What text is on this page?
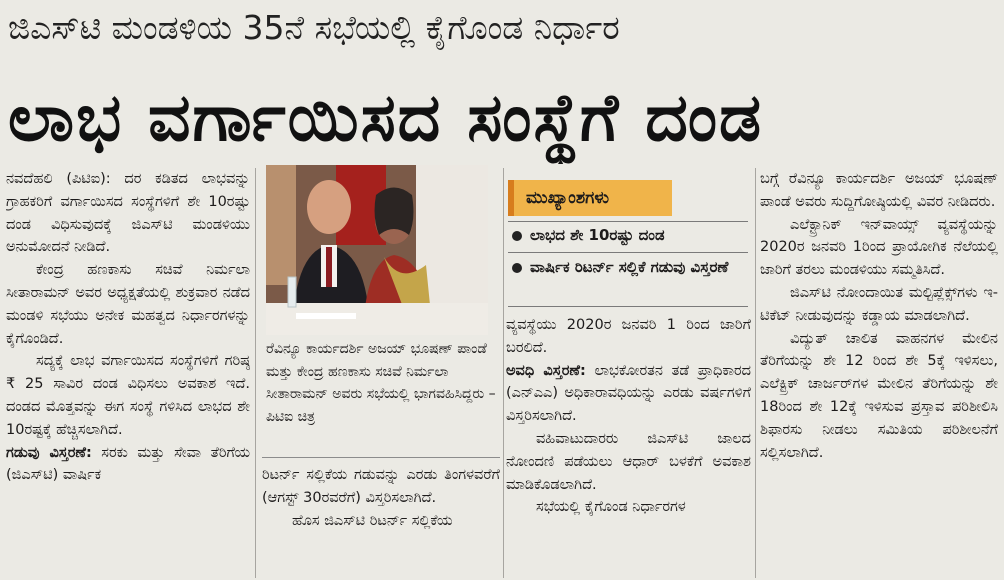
ಜಿಎಸ್‌ಟಿ ಮಂಡಳಿಯ 35ನೆ ಸಭೆಯಲ್ಲಿ ಕೈಗೊಂಡ ನಿರ್ಧಾರ
ಲಾಭ ವರ್ಗಾಯಿಸದ ಸಂಸ್ಥೆಗೆ ದಂಡ

ನವದೆಹಲಿ (ಪಿಟಿಐ): ದರ ಕಡಿತದ ಲಾಭವನ್ನು ಗ್ರಾಹಕರಿಗೆ ವರ್ಗಾಯಿಸದ ಸಂಸ್ಥೆಗಳಿಗೆ ಶೇ 10ರಷ್ಟು ದಂಡ ವಿಧಿಸುವುದಕ್ಕೆ ಜಿಎಸ್‌ಟಿ ಮಂಡಳಿಯು ಅನುಮೋದನೆ ನೀಡಿದೆ.

ಕೇಂದ್ರ ಹಣಕಾಸು ಸಚಿವೆ ನಿರ್ಮಲಾ ಸೀತಾರಾಮನ್‌ ಅವರ ಅಧ್ಯಕ್ಷತೆಯಲ್ಲಿ ಶುಕ್ರವಾರ ನಡೆದ ಮಂಡಳಿ ಸಭೆಯು ಅನೇಕ ಮಹತ್ವದ ನಿರ್ಧಾರಗಳನ್ನು ಕೈಗೊಂಡಿದೆ.

ಸದ್ಯಕ್ಕೆ ಲಾಭ ವರ್ಗಾಯಿಸದ ಸಂಸ್ಥೆಗಳಿಗೆ ಗರಿಷ್ಠ ₹ 25 ಸಾವಿರ ದಂಡ ವಿಧಿಸಲು ಅವಕಾಶ ಇದೆ. ದಂಡದ ಮೊತ್ತವನ್ನು ಈಗ ಸಂಸ್ಥೆ ಗಳಿಸಿದ ಲಾಭದ ಶೇ 10ರಷ್ಟಕ್ಕೆ ಹೆಚ್ಚಿಸಲಾಗಿದೆ.

ಗಡುವು ವಿಸ್ತರಣೆ: ಸರಕು ಮತ್ತು ಸೇವಾ ತೆರಿಗೆಯ (ಜಿಎಸ್‌ಟಿ) ವಾರ್ಷಿಕ

ರೆವಿನ್ಯೂ ಕಾರ್ಯದರ್ಶಿ ಅಜಯ್‌ ಭೂಷಣ್‌ ಪಾಂಡೆ ಮತ್ತು ಕೇಂದ್ರ ಹಣಕಾಸು ಸಚಿವೆ ನಿರ್ಮಲಾ ಸೀತಾರಾಮನ್‌ ಅವರು ಸಭೆಯಲ್ಲಿ ಭಾಗವಹಿಸಿದ್ದರು – ಪಿಟಿಐ ಚಿತ್ರ

ರಿಟರ್ನ್‌ ಸಲ್ಲಿಕೆಯ ಗಡುವನ್ನು ಎರಡು ತಿಂಗಳವರೆಗೆ (ಆಗಸ್ಟ್‌ 30ರವರೆಗೆ) ವಿಸ್ತರಿಸಲಾಗಿದೆ.

ಹೊಸ ಜಿಎಸ್‌ಟಿ ರಿಟರ್ನ್‌ ಸಲ್ಲಿಕೆಯ

ಮುಖ್ಯಾಂಶಗಳು
ಲಾಭದ ಶೇ 10ರಷ್ಟು ದಂಡ
ವಾರ್ಷಿಕ ರಿಟರ್ನ್‌ ಸಲ್ಲಿಕೆ ಗಡುವು ವಿಸ್ತರಣೆ

ವ್ಯವಸ್ಥೆಯು 2020ರ ಜನವರಿ 1 ರಿಂದ ಜಾರಿಗೆ ಬರಲಿದೆ.

ಅವಧಿ ವಿಸ್ತರಣೆ: ಲಾಭಕೋರತನ ತಡೆ ಪ್ರಾಧಿಕಾರದ (ಎನ್‌ಎಎ) ಅಧಿಕಾರಾವಧಿಯನ್ನು ಎರಡು ವರ್ಷಗಳಿಗೆ ವಿಸ್ತರಿಸಲಾಗಿದೆ.

ವಹಿವಾಟುದಾರರು ಜಿಎಸ್‌ಟಿ ಜಾಲದ ನೋಂದಣಿ ಪಡೆಯಲು ಆಧಾರ್‌ ಬಳಕೆಗೆ ಅವಕಾಶ ಮಾಡಿಕೊಡಲಾಗಿದೆ.

ಸಭೆಯಲ್ಲಿ ಕೈಗೊಂಡ ನಿರ್ಧಾರಗಳ

ಬಗ್ಗೆ ರೆವಿನ್ಯೂ ಕಾರ್ಯದರ್ಶಿ ಅಜಯ್‌ ಭೂಷಣ್‌ ಪಾಂಡೆ ಅವರು ಸುದ್ದಿಗೋಷ್ಠಿಯಲ್ಲಿ ವಿವರ ನೀಡಿದರು.

ಎಲೆಕ್ಟ್ರಾನಿಕ್‌ ಇನ್‌ವಾಯ್ಸ್‌ ವ್ಯವಸ್ಥೆಯನ್ನು 2020ರ ಜನವರಿ 1ರಿಂದ ಪ್ರಾಯೋಗಿಕ ನೆಲೆಯಲ್ಲಿ ಜಾರಿಗೆ ತರಲು ಮಂಡಳಿಯು ಸಮ್ಮತಿಸಿದೆ.

ಜಿಎಸ್‌ಟಿ ನೋಂದಾಯಿತ ಮಲ್ಟಿಪ್ಲೆಕ್ಸ್‌ಗಳು ಇ-ಟಿಕೆಟ್‌ ನೀಡುವುದನ್ನು ಕಡ್ಡಾಯ ಮಾಡಲಾಗಿದೆ.

ವಿದ್ಯುತ್‌ ಚಾಲಿತ ವಾಹನಗಳ ಮೇಲಿನ ತೆರಿಗೆಯನ್ನು ಶೇ 12 ರಿಂದ ಶೇ 5ಕ್ಕೆ ಇಳಿಸಲು, ಎಲೆಕ್ಟ್ರಿಕ್‌ ಚಾರ್ಜರ್‌ಗಳ ಮೇಲಿನ ತೆರಿಗೆಯನ್ನು ಶೇ 18ರಿಂದ ಶೇ 12ಕ್ಕೆ ಇಳಿಸುವ ಪ್ರಸ್ತಾವ ಪರಿಶೀಲಿಸಿ ಶಿಫಾರಸು ನೀಡಲು ಸಮಿತಿಯ ಪರಿಶೀಲನೆಗೆ ಸಲ್ಲಿಸಲಾಗಿದೆ.
